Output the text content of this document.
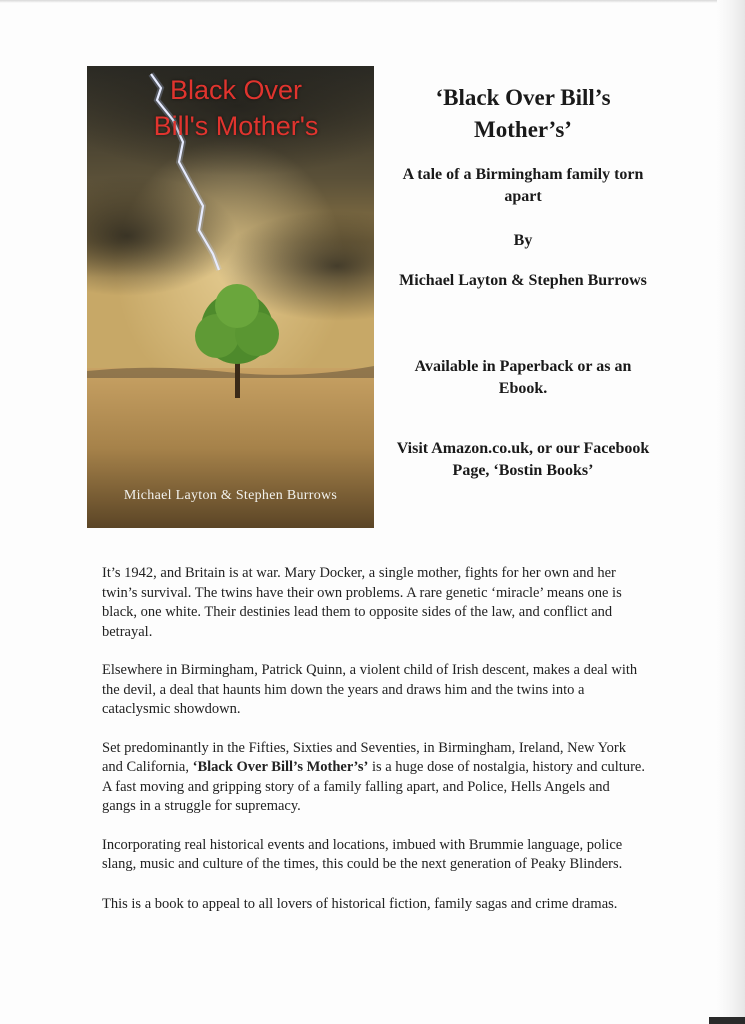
Black Over
Bill's Mother's
Michael Layton & Stephen Burrows
‘Black Over Bill’s Mother’s’
A tale of a Birmingham family torn apart
By
Michael Layton & Stephen Burrows
Available in Paperback or as an Ebook.
Visit Amazon.co.uk, or our Facebook Page, ‘Bostin Books’

It’s 1942, and Britain is at war. Mary Docker, a single mother, fights for her own and her twin’s survival. The twins have their own problems. A rare genetic ‘miracle’ means one is black, one white. Their destinies lead them to opposite sides of the law, and conflict and betrayal.

Elsewhere in Birmingham, Patrick Quinn, a violent child of Irish descent, makes a deal with the devil, a deal that haunts him down the years and draws him and the twins into a cataclysmic showdown.

Set predominantly in the Fifties, Sixties and Seventies, in Birmingham, Ireland, New York and California, ‘Black Over Bill’s Mother’s’ is a huge dose of nostalgia, history and culture. A fast moving and gripping story of a family falling apart, and Police, Hells Angels and gangs in a struggle for supremacy.

Incorporating real historical events and locations, imbued with Brummie language, police slang, music and culture of the times, this could be the next generation of Peaky Blinders.

This is a book to appeal to all lovers of historical fiction, family sagas and crime dramas.
